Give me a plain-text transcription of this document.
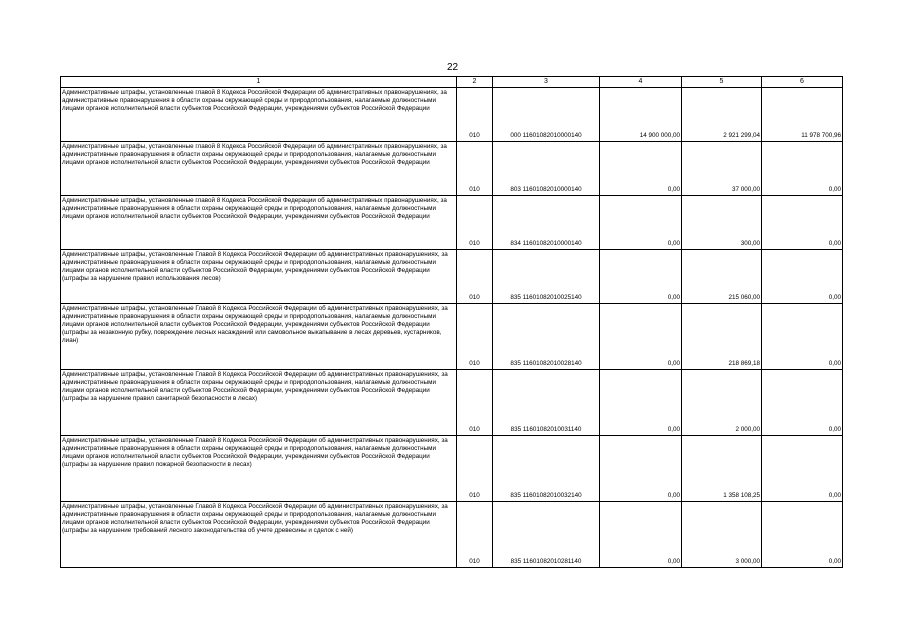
22
1	2	3	4	5	6
Административные штрафы, установленные главой 8 Кодекса Российской Федерации об административных правонарушениях, за административные правонарушения в области охраны окружающей среды и природопользования, налагаемые должностными лицами органов исполнительной власти субъектов Российской Федерации, учреждениями субъектов Российской Федерации	010	000 11601082010000140	14 900 000,00	2 921 299,04	11 978 700,96
Административные штрафы, установленные главой 8 Кодекса Российской Федерации об административных правонарушениях, за административные правонарушения в области охраны окружающей среды и природопользования, налагаемые должностными лицами органов исполнительной власти субъектов Российской Федерации, учреждениями субъектов Российской Федерации	010	803 11601082010000140	0,00	37 000,00	0,00
Административные штрафы, установленные главой 8 Кодекса Российской Федерации об административных правонарушениях, за административные правонарушения в области охраны окружающей среды и природопользования, налагаемые должностными лицами органов исполнительной власти субъектов Российской Федерации, учреждениями субъектов Российской Федерации	010	834 11601082010000140	0,00	300,00	0,00
Административные штрафы, установленные Главой 8 Кодекса Российской Федерации об административных правонарушениях, за административные правонарушения в области охраны окружающей среды и природопользования, налагаемые должностными лицами органов исполнительной власти субъектов Российской Федерации, учреждениями субъектов Российской Федерации (штрафы за нарушение правил использования лесов)	010	835 11601082010025140	0,00	215 060,00	0,00
Административные штрафы, установленные Главой 8 Кодекса Российской Федерации об административных правонарушениях, за административные правонарушения в области охраны окружающей среды и природопользования, налагаемые должностными лицами органов исполнительной власти субъектов Российской Федерации, учреждениями субъектов Российской Федерации (штрафы за незаконную рубку, повреждение лесных насаждений или самовольное выкапывание в лесах деревьев, кустарников, лиан)	010	835 11601082010028140	0,00	218 869,18	0,00
Административные штрафы, установленные Главой 8 Кодекса Российской Федерации об административных правонарушениях, за административные правонарушения в области охраны окружающей среды и природопользования, налагаемые должностными лицами органов исполнительной власти субъектов Российской Федерации, учреждениями субъектов Российской Федерации (штрафы за нарушение правил санитарной безопасности в лесах)	010	835 11601082010031140	0,00	2 000,00	0,00
Административные штрафы, установленные Главой 8 Кодекса Российской Федерации об административных правонарушениях, за административные правонарушения в области охраны окружающей среды и природопользования, налагаемые должностными лицами органов исполнительной власти субъектов Российской Федерации, учреждениями субъектов Российской Федерации (штрафы за нарушение правил пожарной безопасности в лесах)	010	835 11601082010032140	0,00	1 358 108,25	0,00
Административные штрафы, установленные Главой 8 Кодекса Российской Федерации об административных правонарушениях, за административные правонарушения в области охраны окружающей среды и природопользования, налагаемые должностными лицами органов исполнительной власти субъектов Российской Федерации, учреждениями субъектов Российской Федерации (штрафы за нарушение требований лесного законодательства об учете древесины и сделок с ней)	010	835 11601082010281140	0,00	3 000,00	0,00
